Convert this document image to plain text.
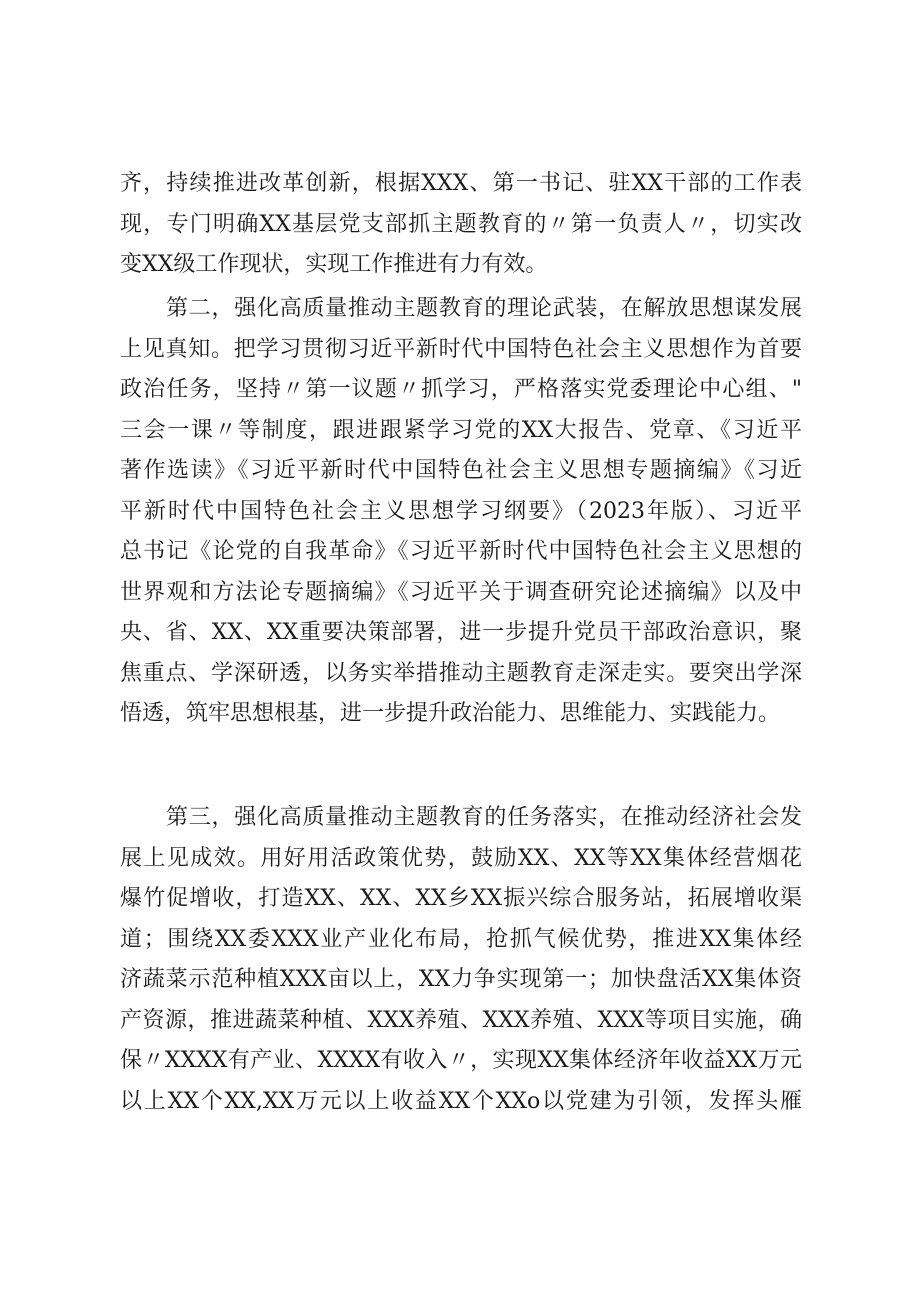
齐，持续推进改革创新，根据XXX、第一书记、驻XX干部的工作表
现，专门明确XX基层党支部抓主题教育的〃第一负责人〃，切实改
变XX级工作现状，实现工作推进有力有效。
第二，强化高质量推动主题教育的理论武装，在解放思想谋发展
上见真知。把学习贯彻习近平新时代中国特色社会主义思想作为首要
政治任务，坚持〃第一议题〃抓学习，严格落实党委理论中心组、"
三会一课〃等制度，跟进跟紧学习党的XX大报告、党章、《习近平
著作选读》《习近平新时代中国特色社会主义思想专题摘编》《习近
平新时代中国特色社会主义思想学习纲要》（2023年版）、习近平
总书记《论党的自我革命》《习近平新时代中国特色社会主义思想的
世界观和方法论专题摘编》《习近平关于调查研究论述摘编》以及中
央、省、XX、XX重要决策部署，进一步提升党员干部政治意识，聚
焦重点、学深研透，以务实举措推动主题教育走深走实。要突出学深
悟透，筑牢思想根基，进一步提升政治能力、思维能力、实践能力。
第三，强化高质量推动主题教育的任务落实，在推动经济社会发
展上见成效。用好用活政策优势，鼓励XX、XX等XX集体经营烟花
爆竹促增收，打造XX、XX、XX乡XX振兴综合服务站，拓展增收渠
道；围绕XX委XXX业产业化布局，抢抓气候优势，推进XX集体经
济蔬菜示范种植XXX亩以上，XX力争实现第一；加快盘活XX集体资
产资源，推进蔬菜种植、XXX养殖、XXX养殖、XXX等项目实施，确
保〃XXXX有产业、XXXX有收入〃，实现XX集体经济年收益XX万元
以上XX个XX,XX万元以上收益XX个XXo以党建为引领，发挥头雁
